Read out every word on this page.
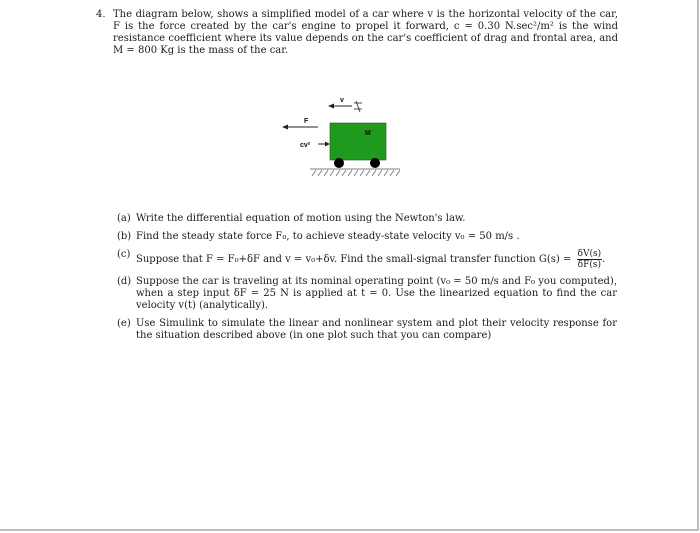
4. The diagram below, shows a simplified model of a car where v is the horizontal velocity of the car, F is the force created by the car's engine to propel it forward, c = 0.30 N.sec²/m² is the wind resistance coefficient where its value depends on the car's coefficient of drag and frontal area, and M = 800 Kg is the mass of the car.
v
F
cv²
M
(a) Write the differential equation of motion using the Newton's law.
(b) Find the steady state force F₀, to achieve steady-state velocity v₀ = 50 m/s .
(c) Suppose that F = F₀+δF and v = v₀+δv. Find the small-signal transfer function $G(s) = \frac{\delta V(s)}{\delta F(s)}$ .
(d) Suppose the car is traveling at its nominal operating point (v₀ = 50 m/s and F₀ you computed), when a step input δF = 25 N is applied at t = 0. Use the linearized equation to find the car velocity v(t) (analytically).
(e) Use Simulink to simulate the linear and nonlinear system and plot their velocity response for the situation described above (in one plot such that you can compare)
